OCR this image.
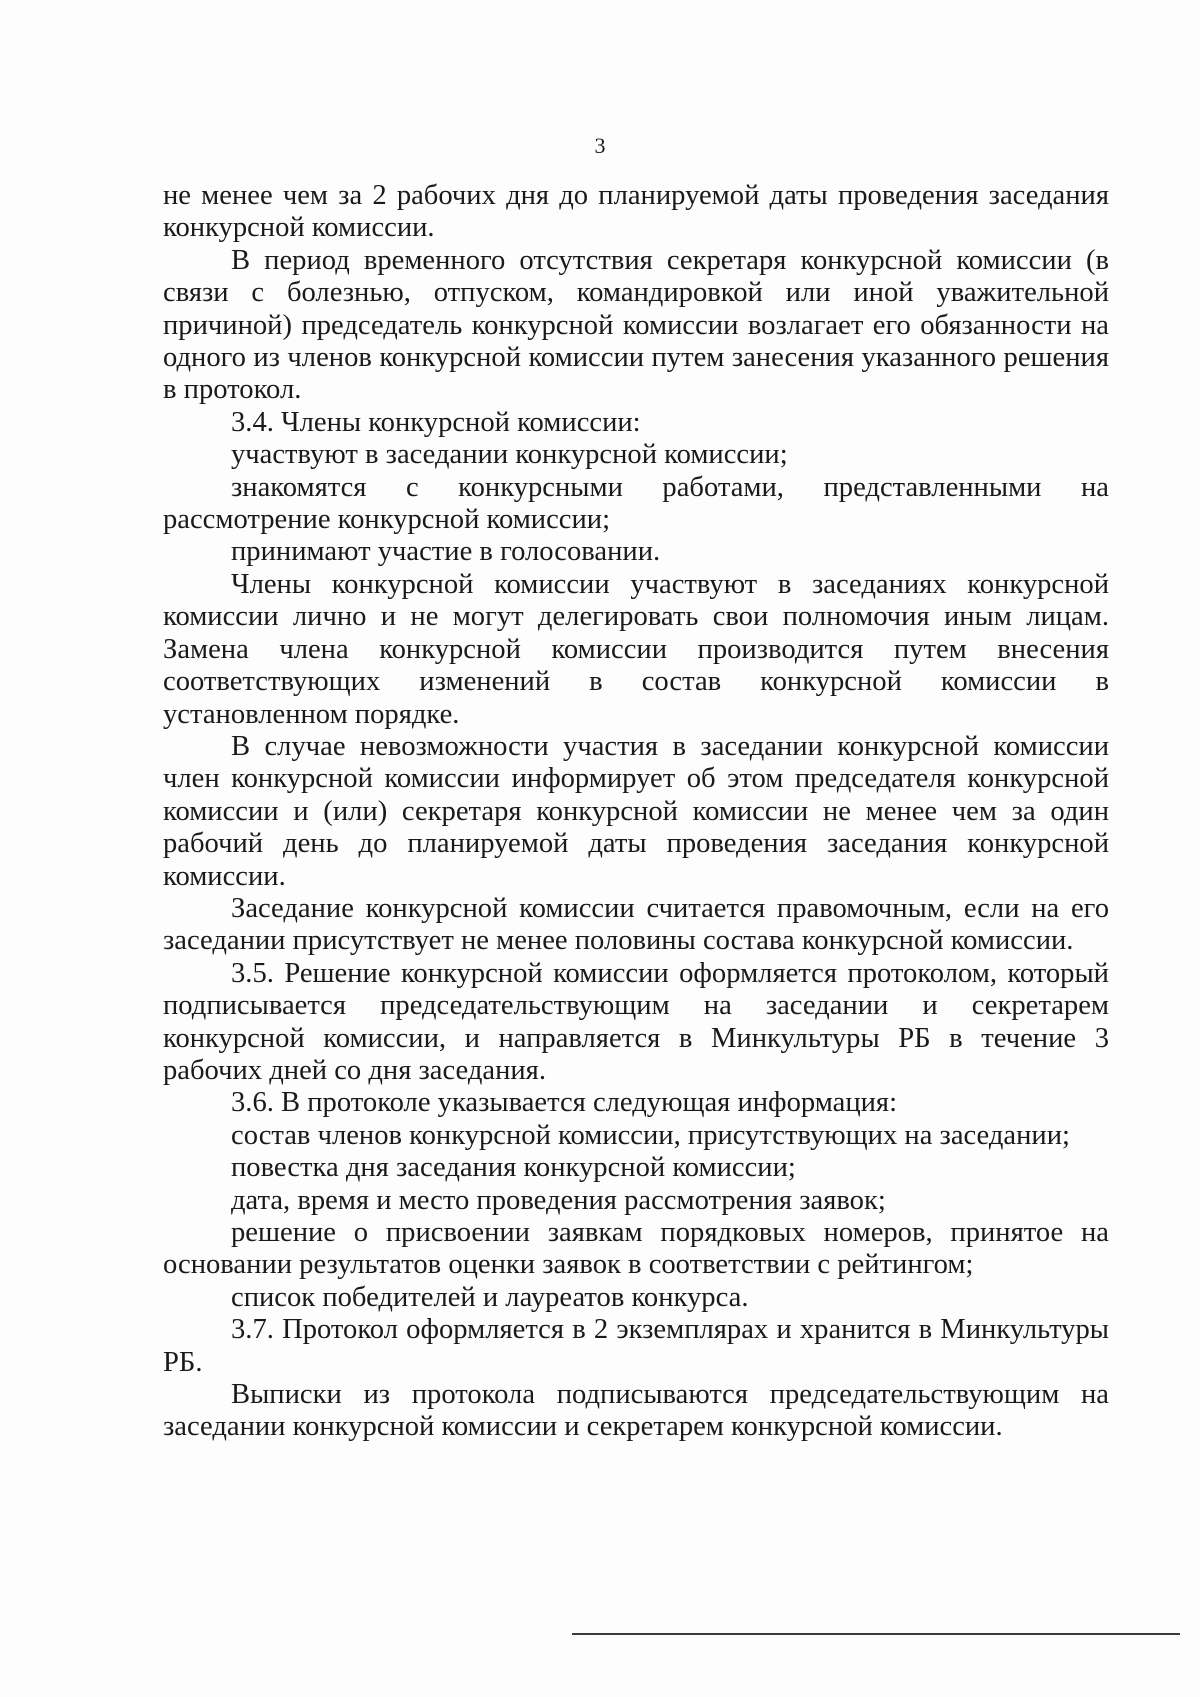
3

не менее чем за 2 рабочих дня до планируемой даты проведения заседания конкурсной комиссии.

В период временного отсутствия секретаря конкурсной комиссии (в связи с болезнью, отпуском, командировкой или иной уважительной причиной) председатель конкурсной комиссии возлагает его обязанности на одного из членов конкурсной комиссии путем занесения указанного решения в протокол.

3.4. Члены конкурсной комиссии:

участвуют в заседании конкурсной комиссии;

знакомятся с конкурсными работами, представленными на рассмотрение конкурсной комиссии;

принимают участие в голосовании.

Члены конкурсной комиссии участвуют в заседаниях конкурсной комиссии лично и не могут делегировать свои полномочия иным лицам. Замена члена конкурсной комиссии производится путем внесения соответствующих изменений в состав конкурсной комиссии в установленном порядке.

В случае невозможности участия в заседании конкурсной комиссии член конкурсной комиссии информирует об этом председателя конкурсной комиссии и (или) секретаря конкурсной комиссии не менее чем за один рабочий день до планируемой даты проведения заседания конкурсной комиссии.

Заседание конкурсной комиссии считается правомочным, если на его заседании присутствует не менее половины состава конкурсной комиссии.

3.5. Решение конкурсной комиссии оформляется протоколом, который подписывается председательствующим на заседании и секретарем конкурсной комиссии, и направляется в Минкультуры РБ в течение 3 рабочих дней со дня заседания.

3.6. В протоколе указывается следующая информация:

состав членов конкурсной комиссии, присутствующих на заседании;

повестка дня заседания конкурсной комиссии;

дата, время и место проведения рассмотрения заявок;

решение о присвоении заявкам порядковых номеров, принятое на основании результатов оценки заявок в соответствии с рейтингом;

список победителей и лауреатов конкурса.

3.7. Протокол оформляется в 2 экземплярах и хранится в Минкультуры РБ.

Выписки из протокола подписываются председательствующим на заседании конкурсной комиссии и секретарем конкурсной комиссии.
